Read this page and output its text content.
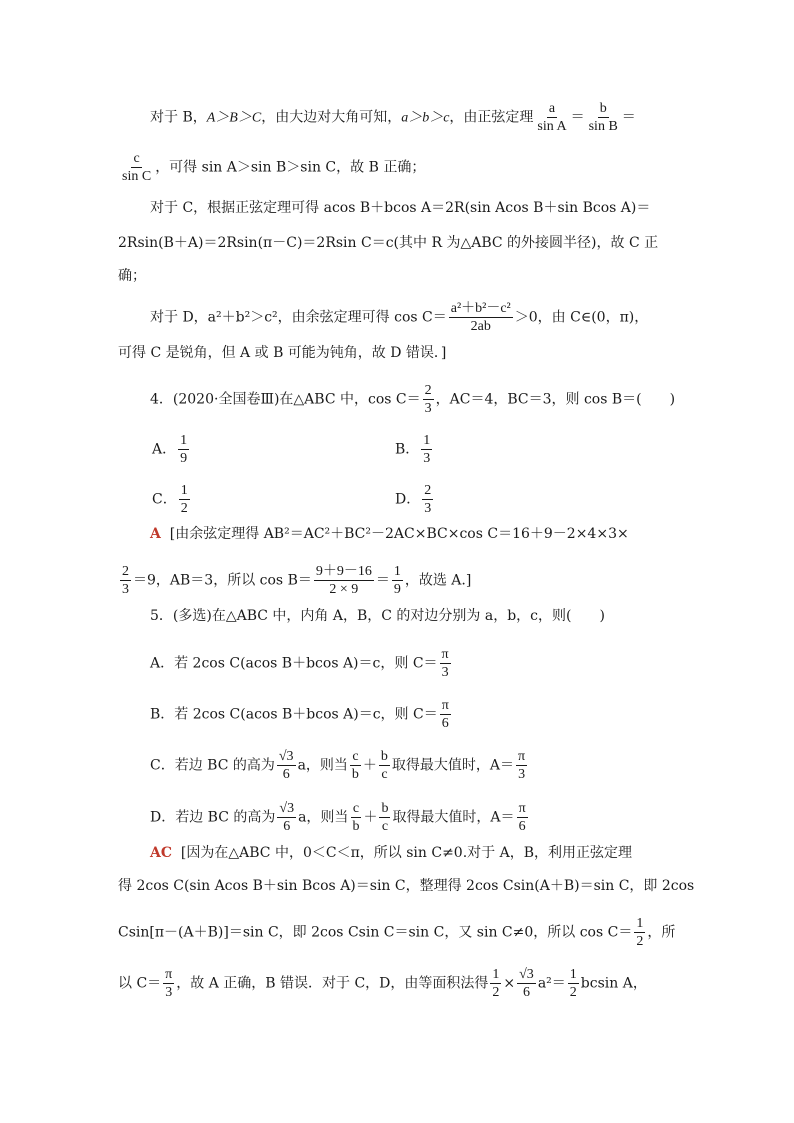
对于 B，A＞B＞C，由大边对大角可知，a＞b＞c，由正弦定理 $\frac{a}{\text{sin A}} = \frac{b}{\text{sin B}}$ ＝
$\frac{c}{\text{sin C}}$ ，可得 sin A＞sin B＞sin C，故 B 正确；
对于 C，根据正弦定理可得 acos B＋bcos A＝2R(sin Acos B＋sin Bcos A)＝
2Rsin(B＋A)＝2Rsin(π－C)＝2Rsin C＝c(其中 R 为△ABC 的外接圆半径)，故 C 正
确；
对于 D，a²＋b²＞c²，由余弦定理可得 $\cos C= \frac{\text{a²＋b²－c²}}{2ab} >0$，由 C∈(0，π)，
可得 C 是锐角，但 A 或 B 可能为钝角，故 D 错误．]
4．(2020·全国卷Ⅲ)在△ABC 中，$\cos C= \frac{2}{3}$ ，AC＝4，BC＝3，则 cos B＝(　　)
A． $\frac{1}{9}$	B． $\frac{1}{3}$
C． $\frac{1}{2}$	D． $\frac{2}{3}$
A [由余弦定理得 AB²＝AC²＋BC²－2AC×BC×cos C＝16＋9－2×4×3×
$\frac{2}{3} =9$，AB＝3，所以 $\cos B= \frac{9+9-16}{2 \times 9} = \frac{1}{9}$ ，故选 A.]
5．(多选)在△ABC 中，内角 A，B，C 的对边分别为 a，b，c，则(　　)
A．若 2cos C(acos B＋bcos A)＝c，则 $C= \frac{\pi}{3}$
B．若 2cos C(acos B＋bcos A)＝c，则 $C= \frac{\pi}{6}$
C．若边 BC 的高为 $\frac{√3}{6}$ a，则当 $\frac{c}{b} + \frac{b}{c}$ 取得最大值时，$A= \frac{\pi}{3}$
D．若边 BC 的高为 $\frac{√3}{6}$ a，则当 $\frac{c}{b} + \frac{b}{c}$ 取得最大值时，$A= \frac{\pi}{6}$
AC [因为在△ABC 中，0＜C＜π，所以 sin C≠0.对于 A，B，利用正弦定理
得 2cos C(sin Acos B＋sin Bcos A)＝sin C，整理得 2cos Csin(A＋B)＝sin C，即 2cos
Csin[π－(A＋B)]＝sin C，即 2cos Csin C＝sin C，又 sin C≠0，所以 $\cos C= \frac{1}{2}$ ，所
以 $C= \frac{\pi}{3}$ ，故 A 正确，B 错误．对于 C，D，由等面积法得 $\frac{1}{2} \times \frac{√3}{6} a^2= \frac{1}{2}$ bcsin A，
